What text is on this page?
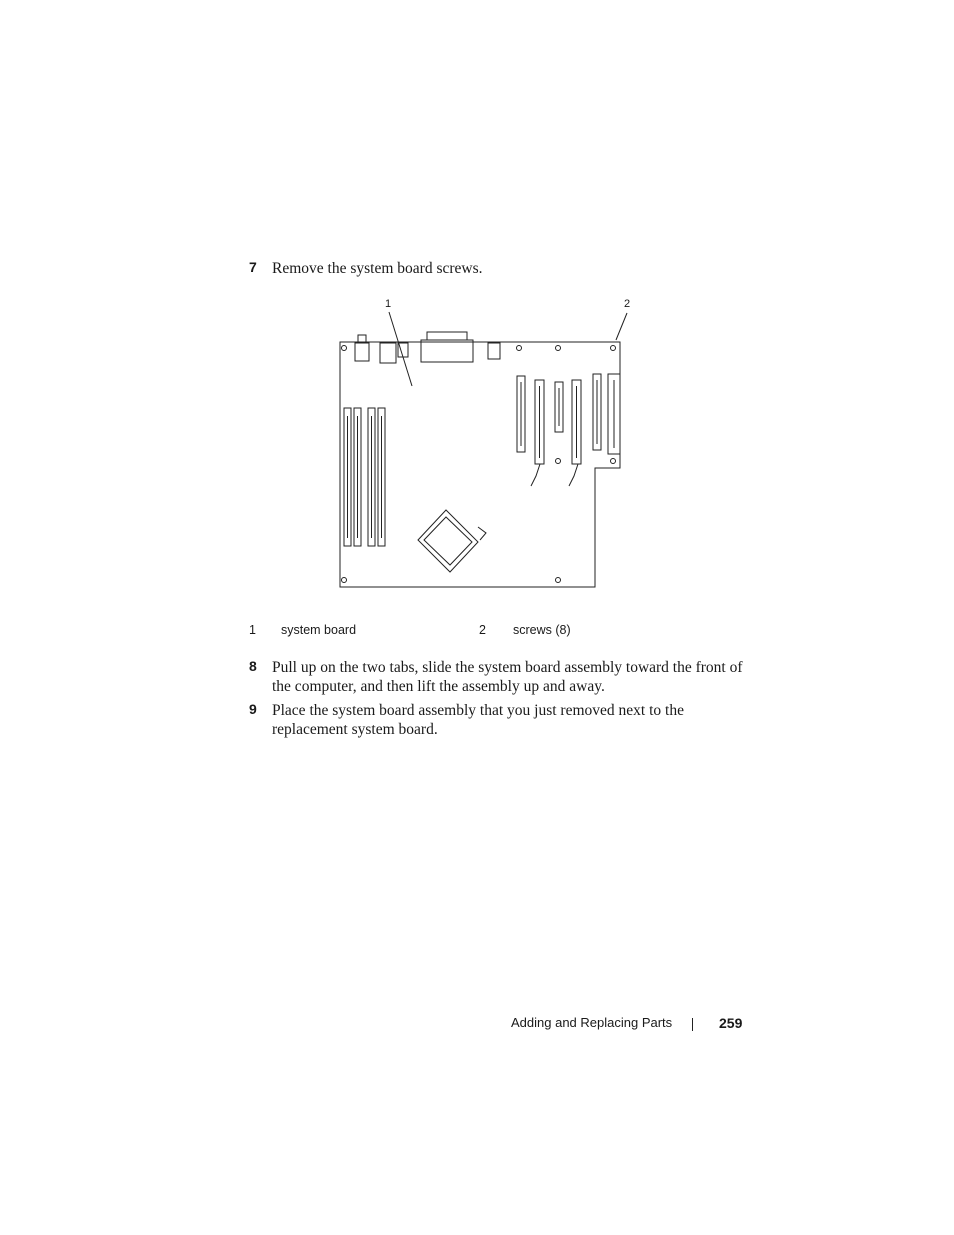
7 Remove the system board screws.
1	2
1 system board	2 screws (8)
8 Pull up on the two tabs, slide the system board assembly toward the front of the computer, and then lift the assembly up and away.
9 Place the system board assembly that you just removed next to the replacement system board.
Adding and Replacing Parts	259
